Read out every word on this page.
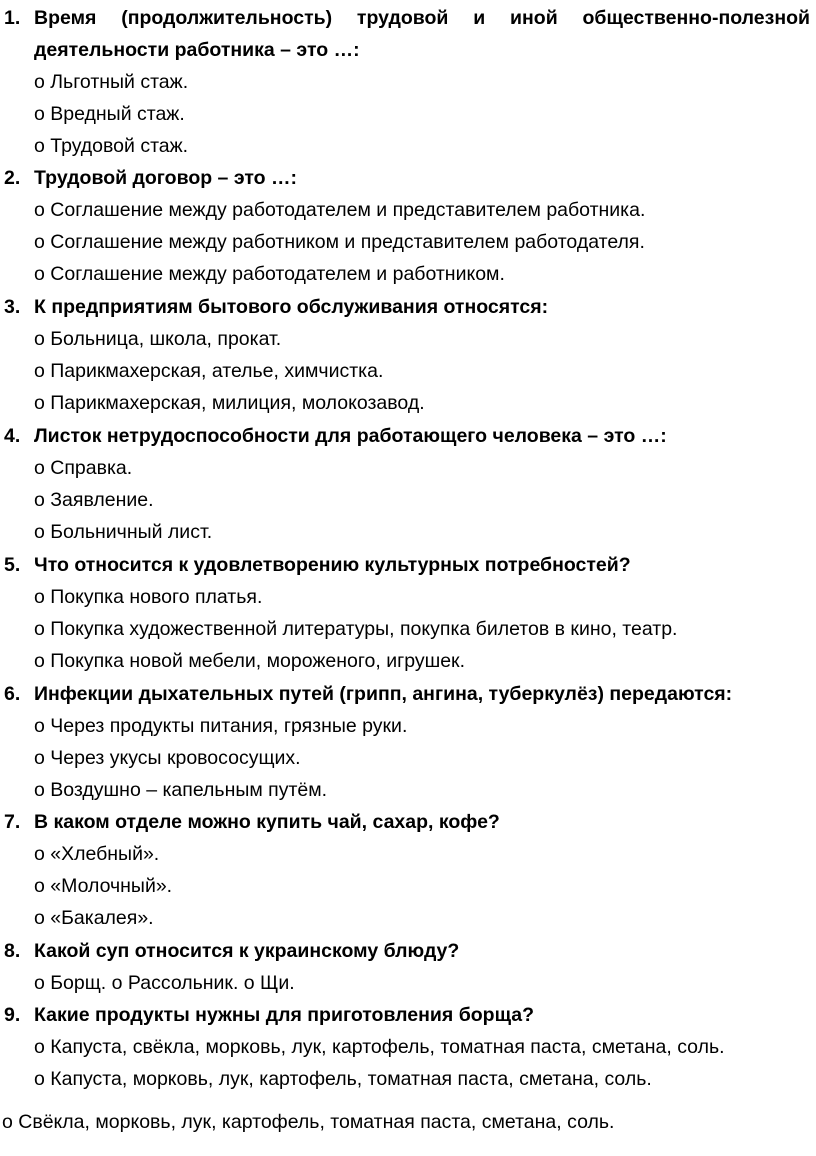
1. Время (продолжительность) трудовой и иной общественно-полезной деятельности работника – это …:
o Льготный стаж.
o Вредный стаж.
o Трудовой стаж.
2. Трудовой договор – это …:
o Соглашение между работодателем и представителем работника.
o Соглашение между работником и представителем работодателя.
o Соглашение между работодателем и работником.
3. К предприятиям бытового обслуживания относятся:
o Больница, школа, прокат.
o Парикмахерская, ателье, химчистка.
o Парикмахерская, милиция, молокозавод.
4. Листок нетрудоспособности для работающего человека – это …:
o Справка.
o Заявление.
o Больничный лист.
5. Что относится к удовлетворению культурных потребностей?
o Покупка нового платья.
o Покупка художественной литературы, покупка билетов в кино, театр.
o Покупка новой мебели, мороженого, игрушек.
6. Инфекции дыхательных путей (грипп, ангина, туберкулёз) передаются:
o Через продукты питания, грязные руки.
o Через укусы кровососущих.
o Воздушно – капельным путём.
7. В каком отделе можно купить чай, сахар, кофе?
o «Хлебный».
o «Молочный».
o «Бакалея».
8. Какой суп относится к украинскому блюду?
o Борщ. o Рассольник. o Щи.
9. Какие продукты нужны для приготовления борща?
o Капуста, свёкла, морковь, лук, картофель, томатная паста, сметана, соль.
o Капуста, морковь, лук, картофель, томатная паста, сметана, соль.
o Свёкла, морковь, лук, картофель, томатная паста, сметана, соль.
